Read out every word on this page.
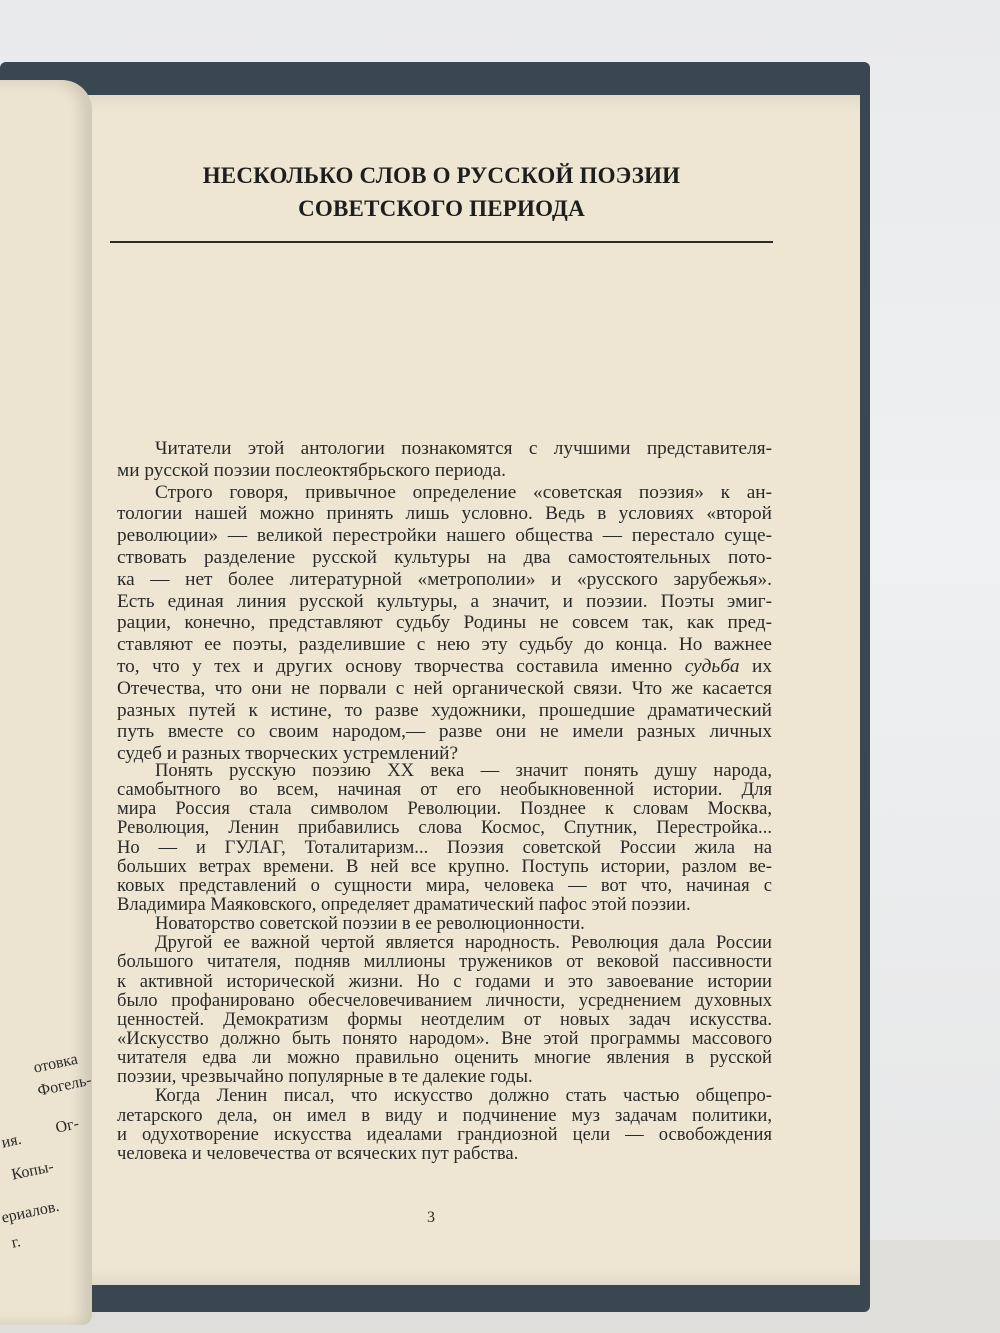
отовка
Фогель-
Ог-
ия.
Копы-
ериалов.
г.
НЕСКОЛЬКО СЛОВ О РУССКОЙ ПОЭЗИИ
СОВЕТСКОГО ПЕРИОДА
Читатели этой антологии познакомятся с лучшими представителя-
ми русской поэзии послеоктябрьского периода.
Строго говоря, привычное определение «советская поэзия» к ан-
тологии нашей можно принять лишь условно. Ведь в условиях «второй
революции» — великой перестройки нашего общества — перестало суще-
ствовать разделение русской культуры на два самостоятельных пото-
ка — нет более литературной «метрополии» и «русского зарубежья».
Есть единая линия русской культуры, а значит, и поэзии. Поэты эмиг-
рации, конечно, представляют судьбу Родины не совсем так, как пред-
ставляют ее поэты, разделившие с нею эту судьбу до конца. Но важнее
то, что у тех и других основу творчества составила именно судьба их
Отечества, что они не порвали с ней органической связи. Что же касается
разных путей к истине, то разве художники, прошедшие драматический
путь вместе со своим народом,— разве они не имели разных личных
судеб и разных творческих устремлений?
Понять русскую поэзию XX века — значит понять душу народа,
самобытного во всем, начиная от его необыкновенной истории. Для
мира Россия стала символом Революции. Позднее к словам Москва,
Революция, Ленин прибавились слова Космос, Спутник, Перестройка...
Но — и ГУЛАГ, Тоталитаризм... Поэзия советской России жила на
больших ветрах времени. В ней все крупно. Поступь истории, разлом ве-
ковых представлений о сущности мира, человека — вот что, начиная с
Владимира Маяковского, определяет драматический пафос этой поэзии.
Новаторство советской поэзии в ее революционности.
Другой ее важной чертой является народность. Революция дала России
большого читателя, подняв миллионы тружеников от вековой пассивности
к активной исторической жизни. Но с годами и это завоевание истории
было профанировано обесчеловечиванием личности, усреднением духовных
ценностей. Демократизм формы неотделим от новых задач искусства.
«Искусство должно быть понято народом». Вне этой программы массового
читателя едва ли можно правильно оценить многие явления в русской
поэзии, чрезвычайно популярные в те далекие годы.
Когда Ленин писал, что искусство должно стать частью общепро-
летарского дела, он имел в виду и подчинение муз задачам политики,
и одухотворение искусства идеалами грандиозной цели — освобождения
человека и человечества от всяческих пут рабства.
3
